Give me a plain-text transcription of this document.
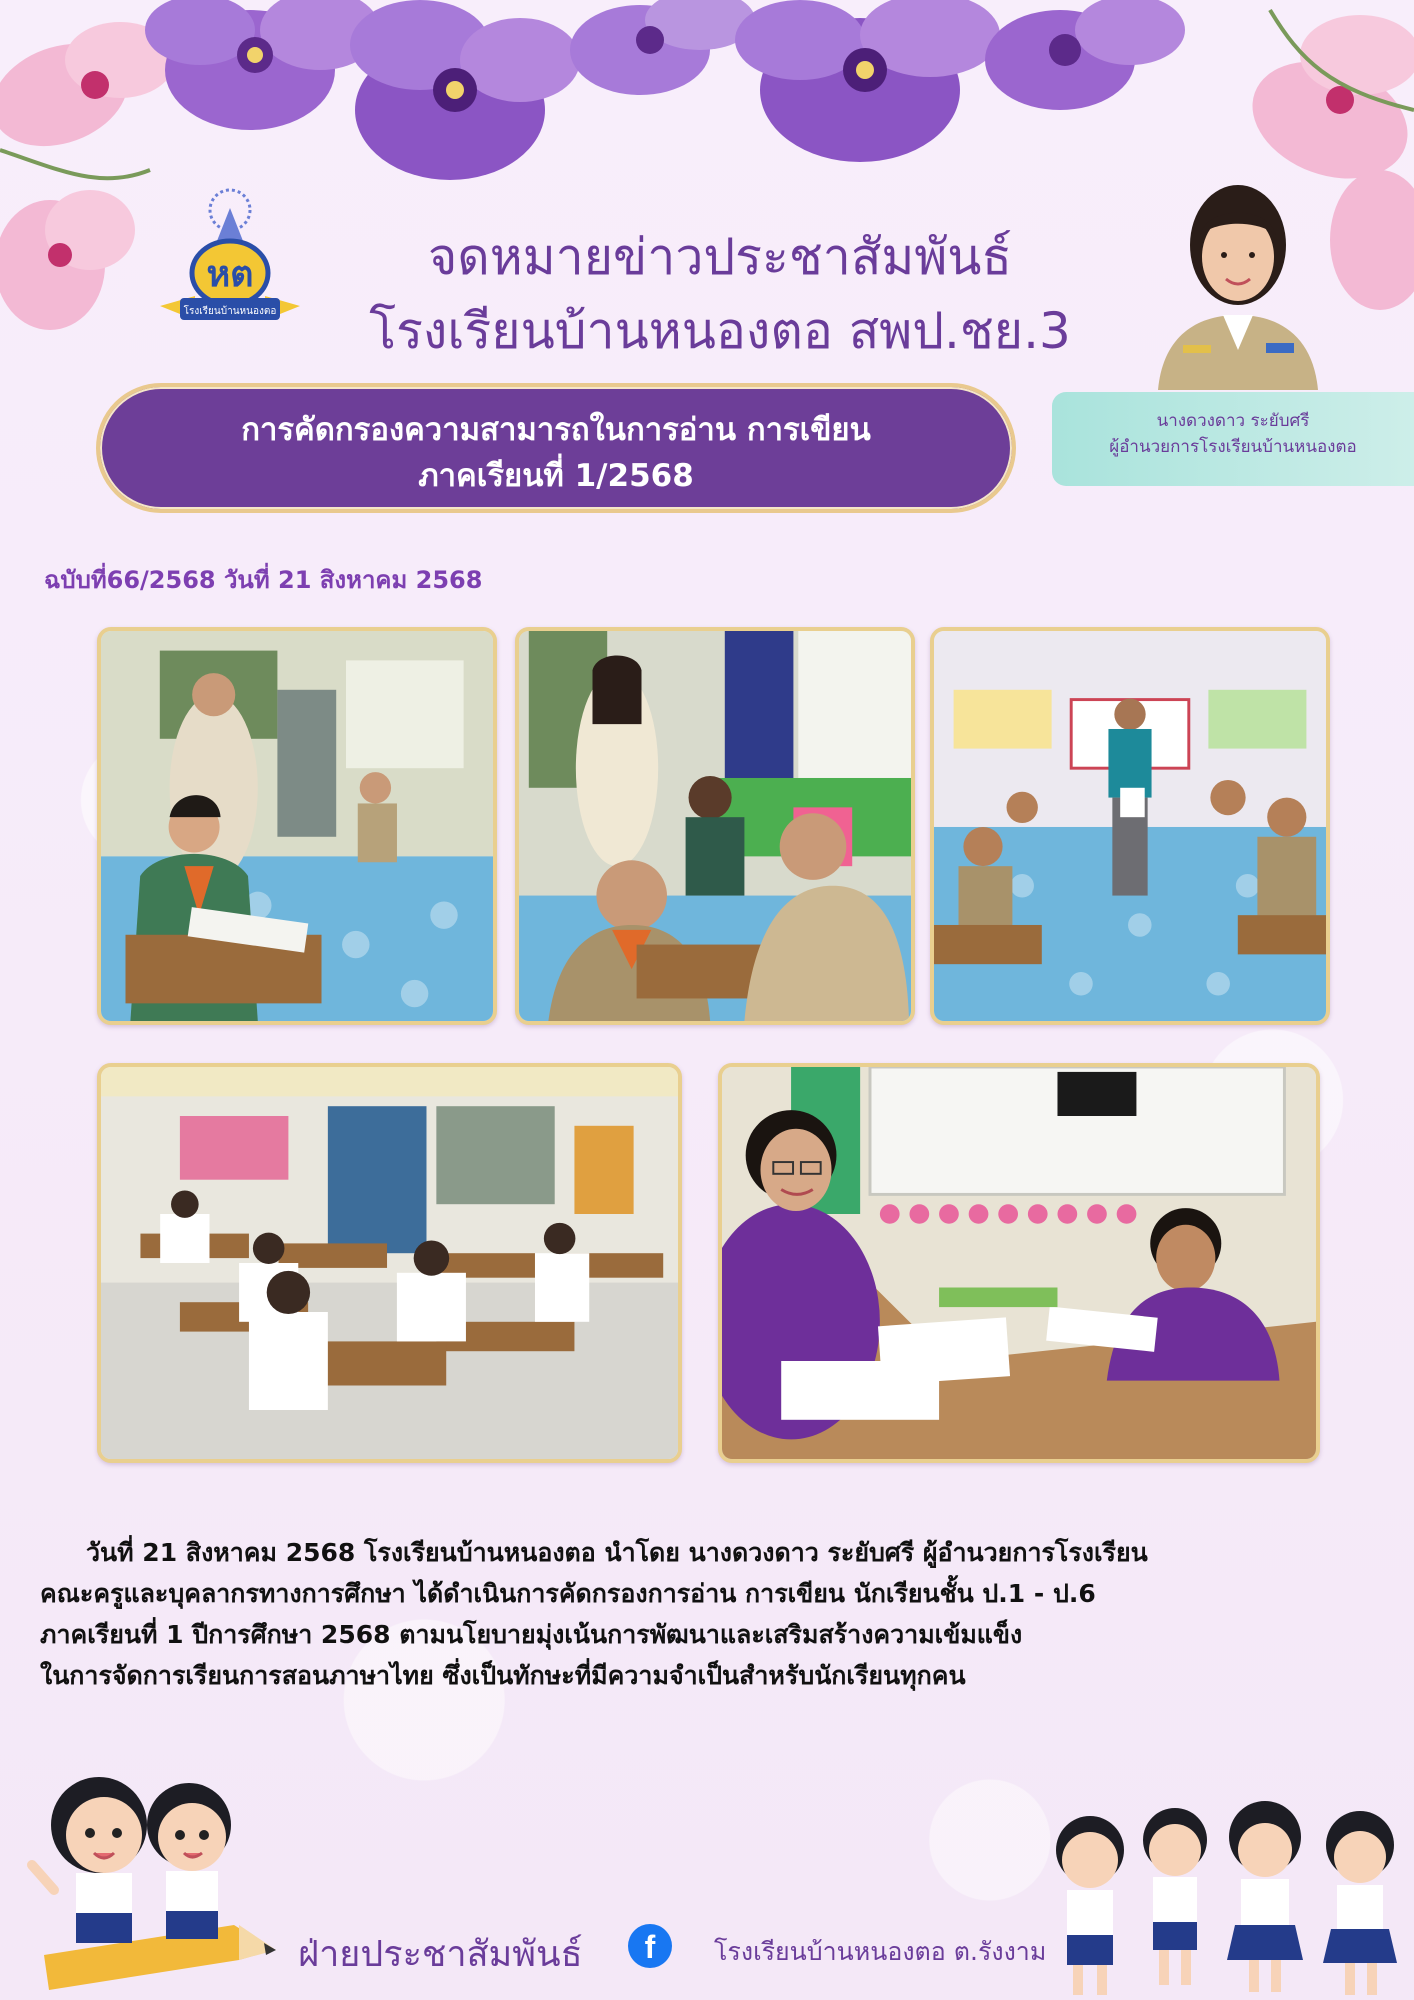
หต
โรงเรียนบ้านหนองตอ
จดหมายข่าวประชาสัมพันธ์
โรงเรียนบ้านหนองตอ สพป.ชย.3
นางดวงดาว ระยับศรี
ผู้อำนวยการโรงเรียนบ้านหนองตอ
การคัดกรองความสามารถในการอ่าน การเขียน
ภาคเรียนที่ 1/2568
ฉบับที่66/2568 วันที่ 21 สิงหาคม 2568
วันที่ 21 สิงหาคม 2568 โรงเรียนบ้านหนองตอ นำโดย นางดวงดาว ระยับศรี ผู้อำนวยการโรงเรียน
คณะครูและบุคลากรทางการศึกษา ได้ดำเนินการคัดกรองการอ่าน การเขียน นักเรียนชั้น ป.1 - ป.6
ภาคเรียนที่ 1 ปีการศึกษา 2568 ตามนโยบายมุ่งเน้นการพัฒนาและเสริมสร้างความเข้มแข็ง
ในการจัดการเรียนการสอนภาษาไทย ซึ่งเป็นทักษะที่มีความจำเป็นสำหรับนักเรียนทุกคน
ฝ่ายประชาสัมพันธ์	f	โรงเรียนบ้านหนองตอ ต.รังงาม
